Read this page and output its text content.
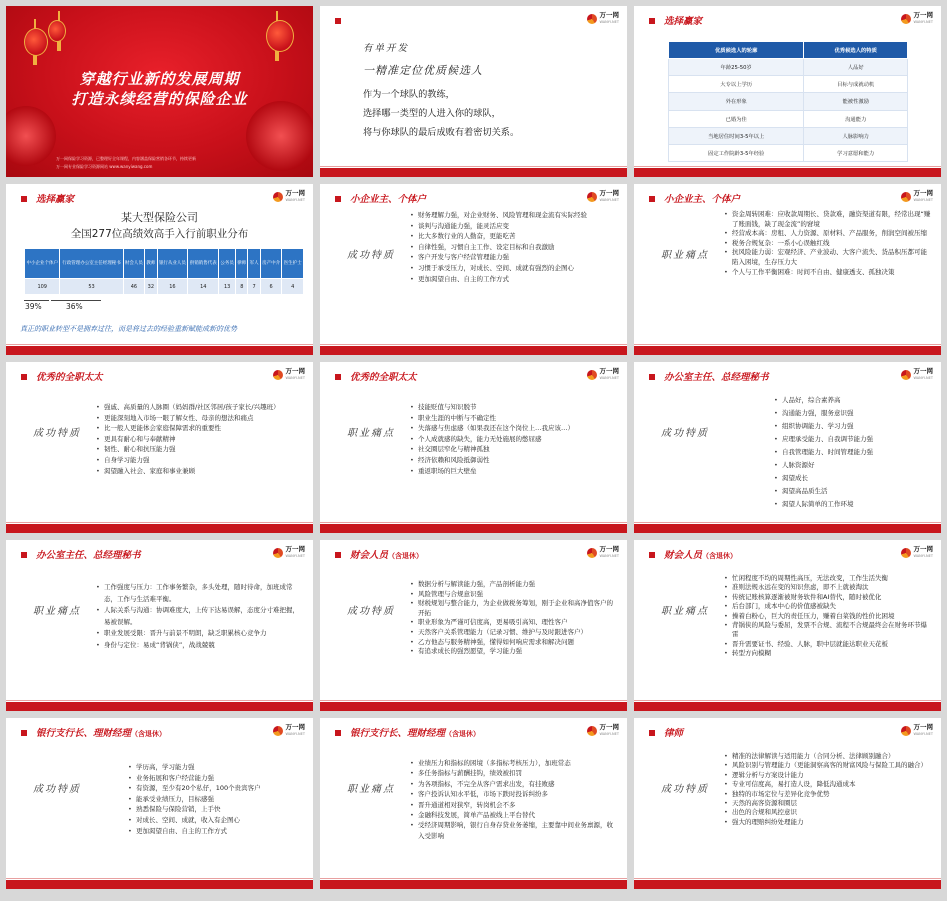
穿越行业新的发展周期
打造永续经营的保险企业
万一网保险学习资源，已整理好全年课程，内容涵盖保险营销各环节，持续更新
万一网专业保险学习资源网站 www.wanyiwang.com
万一网
WANYI.NET
有单开发
一精准定位优质候选人
作为一个球队的教练，
选择哪一类型的人进入你的球队，
将与你球队的最后成败有着密切关系。
选择赢家
万一网
WANYI.NET
优质候选人的轮廓	优秀候选人的特质
年龄25-50岁	人品好
大专以上学历	目标与成就动机
外在形象	能被性激励
已婚为佳	沟通能力
当地居住时间3-5年以上	人脉影响力
固定工作院龄3-5年经验	学习意愿和能力
选择赢家
万一网
WANYI.NET
某大型保险公司
全国277位高绩效高手入行前职业分布
中小企业个体户	行政管理办公室主任经理秘书	财会人员	教师	银行从业人员	供销销售代表	公务员	律师	军人	房产中介	医生护士
109	53	46	32	16	14	13	8	7	6	4
39%	36%
真正的职业转型不是拥弃过往，而是将过去的经验重新赋能成新的优势
小企业主、个体户
万一网
WANYI.NET
成功特质
• 财务理解力强，对企业财务、风险管理和现金流有实际经验
• 谈判与沟通能力强，能灵活应变
• 比大多数行业的人勤奋，更能吃苦
• 自律性强，习惯自主工作、设定目标和自我激励
• 客户开发与客户经营管理能力强
• 习惯于承受压力，对成长、空间、成就有强烈的企图心
• 更加渴望自由、自主的工作方式
小企业主、个体户
万一网
WANYI.NET
职业痛点
• 资金周转困难：应收款周期长、贷款难，融资渠道有限，经常出现“赚了账面钱，缺了现金流”的窘境
• 经营成本高：房租、人力资源、原材料、产品服务，削润空间被压缩
• 税务合规复杂：一系小心误触红线
• 抗风险能力弱：宏观经济、产业波动、大客户流失、货品积压都可能陷入困境，生存压力大
• 个人与工作平衡困难：时间不自由、健康透支、孤独决策
优秀的全职太太
万一网
WANYI.NET
成功特质
• 强戚、高质量的人脉圈（妈妈群/社区邻居/孩子家长/兴趣班）
• 更能深刻地入市场一眼了解女性、母亲的想法和痛点
• 比一般人更能体会家庭保障需求的重要性
• 更具有耐心和与奉献精神
• 韧性、耐心和抗压能力强
• 自身学习能力强
• 渴望融入社会、家庭和事业兼顾
优秀的全职太太
万一网
WANYI.NET
职业痛点
• 技能贬值与知识脱节
• 职业生涯的中断与不确定性
• 失落感与焦虑感（如果我还在这个岗位上…我应该…）
• 个人成就感的缺失，能力无处施展的憋屈感
• 社交圈层窄化与精神孤独
• 经济依赖和风险抵御弱性
• 重返职场的巨大壁垒
办公室主任、总经理秘书
万一网
WANYI.NET
成功特质
• 人品好，综合素养高
• 沟通能力强，服务意识强
• 组织协调能力、学习力强
• 应理承受能力、自我调节能力强
• 自我管理能力、时间管理能力强
• 人脉资源好
• 渴望成长
• 渴望高品质生活
• 渴望人际简单的工作环境
办公室主任、总经理秘书
万一网
WANYI.NET
职业痛点
• 工作强度与压力：工作事务繁杂，多头处理，随时待命，加班成常态，工作与生活难平衡。
• 人际关系与沟通：协调难度大，上传下达易误解，态度分寸难把握，易被误解。
• 职业发展受限：晋升与前景不明朗，缺乏职累核心竞争力
• 身份与定位：易成“背锅侠”，战战兢兢
财会人员（含退休）
万一网
WANYI.NET
成功特质
• 数据分析与解读能力强，产品剖析能力强
• 风险管理与合规意识强
• 财税规划与整合能力，为企业做税务筹划，刚于企业和高净值客户的开拓
• 职业形象为严谨可信度高，更易吸引高知、理性客户
• 天然客户关系管理能力（记录习惯、维护与及时跟进客户）
• 乙方他态与服务精神强，懂得如何响应需求和解决问题
• 有追求成长的强烈愿望，学习能力强
财会人员（含退休）
万一网
WANYI.NET
职业痛点
• 忙闲程度不均的周期性高压，无法改变，工作生活失衡
• 准则法规永远在变的知识焦虑，即不上就被淘汰
• 传统记账核算逐渐被财务软件和AI替代，随时被优化
• 后台部门，成本中心的价值感被缺失
• 操着白粉心，巨大的责任压力，赚着白菜钱的性价比困境
• 背锅侠的风险与委屈，发票不合规、流程不合规最终会在财务环节爆雷
• 晋升需要证书、经验、人脉，职中层就能达职业天花板
• 转型方向模糊
银行支行长、理财经理（含退休）
万一网
WANYI.NET
成功特质
• 学历高，学习能力强
• 业务拓展和客户经营能力强
• 有资源，至少有20个私仔，100个贵宾客户
• 能承受业绩压力，目标感强
• 熟悉保险与保险营销，上手快
• 对成长、空间、成就，收入有企图心
• 更加渴望自由、自主的工作方式
银行支行长、理财经理（含退休）
万一网
WANYI.NET
职业痛点
• 业绩压力和指标的困境（多指标考核压力），加班常态
• 多任务指标与薪酬挂钩，绩效被扣罚
• 为各项指标，不完全从客户需求出发，有挂败感
• 客户投诉认知水平低，市场下跌时投诉纠纷多
• 晋升通道相对狭窄，转岗机会不多
• 金融科技发展，简单产品被线上平台替代
• 受经济周期影响，银行自身存贷业务萎缩，主要靠中间业务禀源，收入受影响
律师
万一网
WANYI.NET
成功特质
• 精准的法律解读与适用能力（合同分析、法律顾别融合）
• 风险识别与管理能力（更能洞察高客的财富风险与保险工具的融合）
• 逻辑分析与方案设计能力
• 专业可信度高，易打造人设，降低沟通成本
• 独特的市场定位与差异化竞争优势
• 天然的高客资源和圈层
• 出色的合规和风控意识
• 强大的理赔纠纷处理能力
